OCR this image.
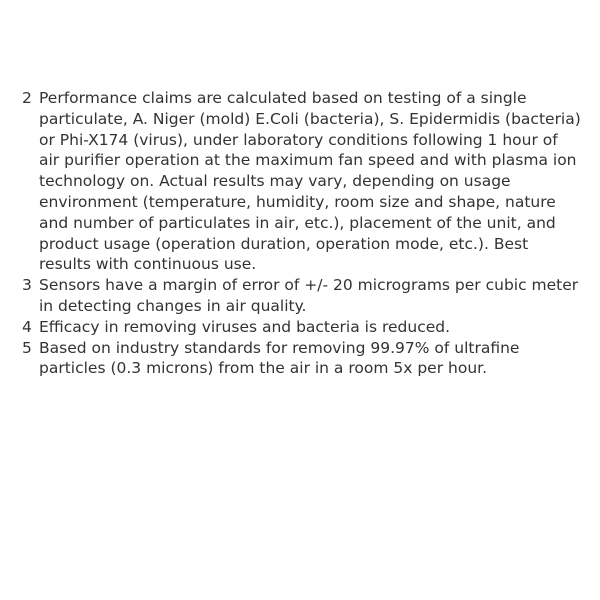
2 Performance claims are calculated based on testing of a single particulate, A. Niger (mold) E.Coli (bacteria), S. Epidermidis (bacteria) or Phi-X174 (virus), under laboratory conditions following 1 hour of air purifier operation at the maximum fan speed and with plasma ion technology on. Actual results may vary, depending on usage environment (temperature, humidity, room size and shape, nature and number of particulates in air, etc.), placement of the unit, and product usage (operation duration, operation mode, etc.). Best results with continuous use.
3 Sensors have a margin of error of +/- 20 micrograms per cubic meter in detecting changes in air quality.
4 Efficacy in removing viruses and bacteria is reduced.
5 Based on industry standards for removing 99.97% of ultrafine particles (0.3 microns) from the air in a room 5x per hour.
